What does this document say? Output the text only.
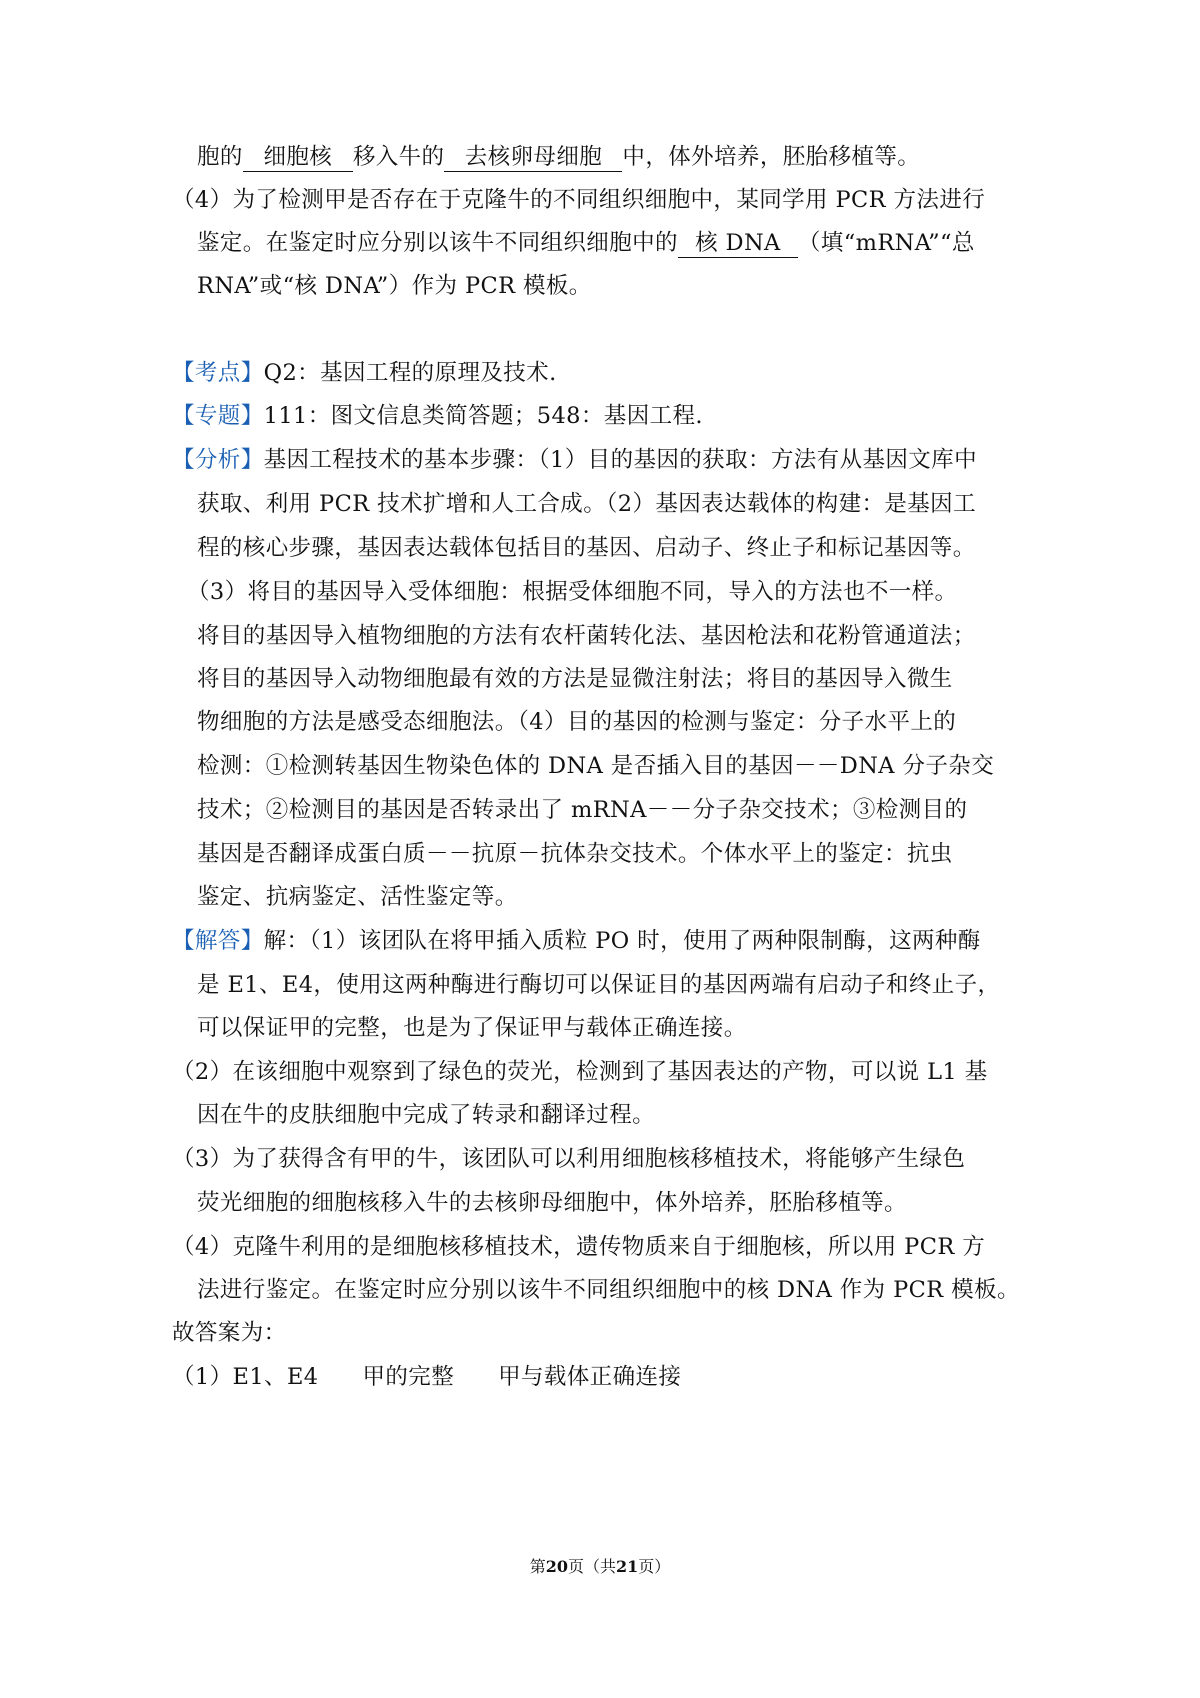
胞的 细胞核 移入牛的 去核卵母细胞 中，体外培养，胚胎移植等。
（4）为了检测甲是否存在于克隆牛的不同组织细胞中，某同学用 PCR 方法进行
鉴定。在鉴定时应分别以该牛不同组织细胞中的 核 DNA （填“mRNA”“总
RNA”或“核 DNA”）作为 PCR 模板。
【考点】Q2：基因工程的原理及技术.
【专题】111：图文信息类简答题；548：基因工程.
【分析】基因工程技术的基本步骤：（1）目的基因的获取：方法有从基因文库中
获取、利用 PCR 技术扩增和人工合成。（2）基因表达载体的构建：是基因工
程的核心步骤，基因表达载体包括目的基因、启动子、终止子和标记基因等。
（3）将目的基因导入受体细胞：根据受体细胞不同，导入的方法也不一样。
将目的基因导入植物细胞的方法有农杆菌转化法、基因枪法和花粉管通道法；
将目的基因导入动物细胞最有效的方法是显微注射法；将目的基因导入微生
物细胞的方法是感受态细胞法。（4）目的基因的检测与鉴定：分子水平上的
检测：①检测转基因生物染色体的 DNA 是否插入目的基因－－DNA 分子杂交
技术；②检测目的基因是否转录出了 mRNA－－分子杂交技术；③检测目的
基因是否翻译成蛋白质－－抗原－抗体杂交技术。个体水平上的鉴定：抗虫
鉴定、抗病鉴定、活性鉴定等。
【解答】解：（1）该团队在将甲插入质粒 PO 时，使用了两种限制酶，这两种酶
是 E1、E4，使用这两种酶进行酶切可以保证目的基因两端有启动子和终止子，
可以保证甲的完整，也是为了保证甲与载体正确连接。
（2）在该细胞中观察到了绿色的荧光，检测到了基因表达的产物，可以说 L1 基
因在牛的皮肤细胞中完成了转录和翻译过程。
（3）为了获得含有甲的牛，该团队可以利用细胞核移植技术，将能够产生绿色
荧光细胞的细胞核移入牛的去核卵母细胞中，体外培养，胚胎移植等。
（4）克隆牛利用的是细胞核移植技术，遗传物质来自于细胞核，所以用 PCR 方
法进行鉴定。在鉴定时应分别以该牛不同组织细胞中的核 DNA 作为 PCR 模板。
故答案为：
（1）E1、E4 甲的完整 甲与载体正确连接
第20页（共21页）
